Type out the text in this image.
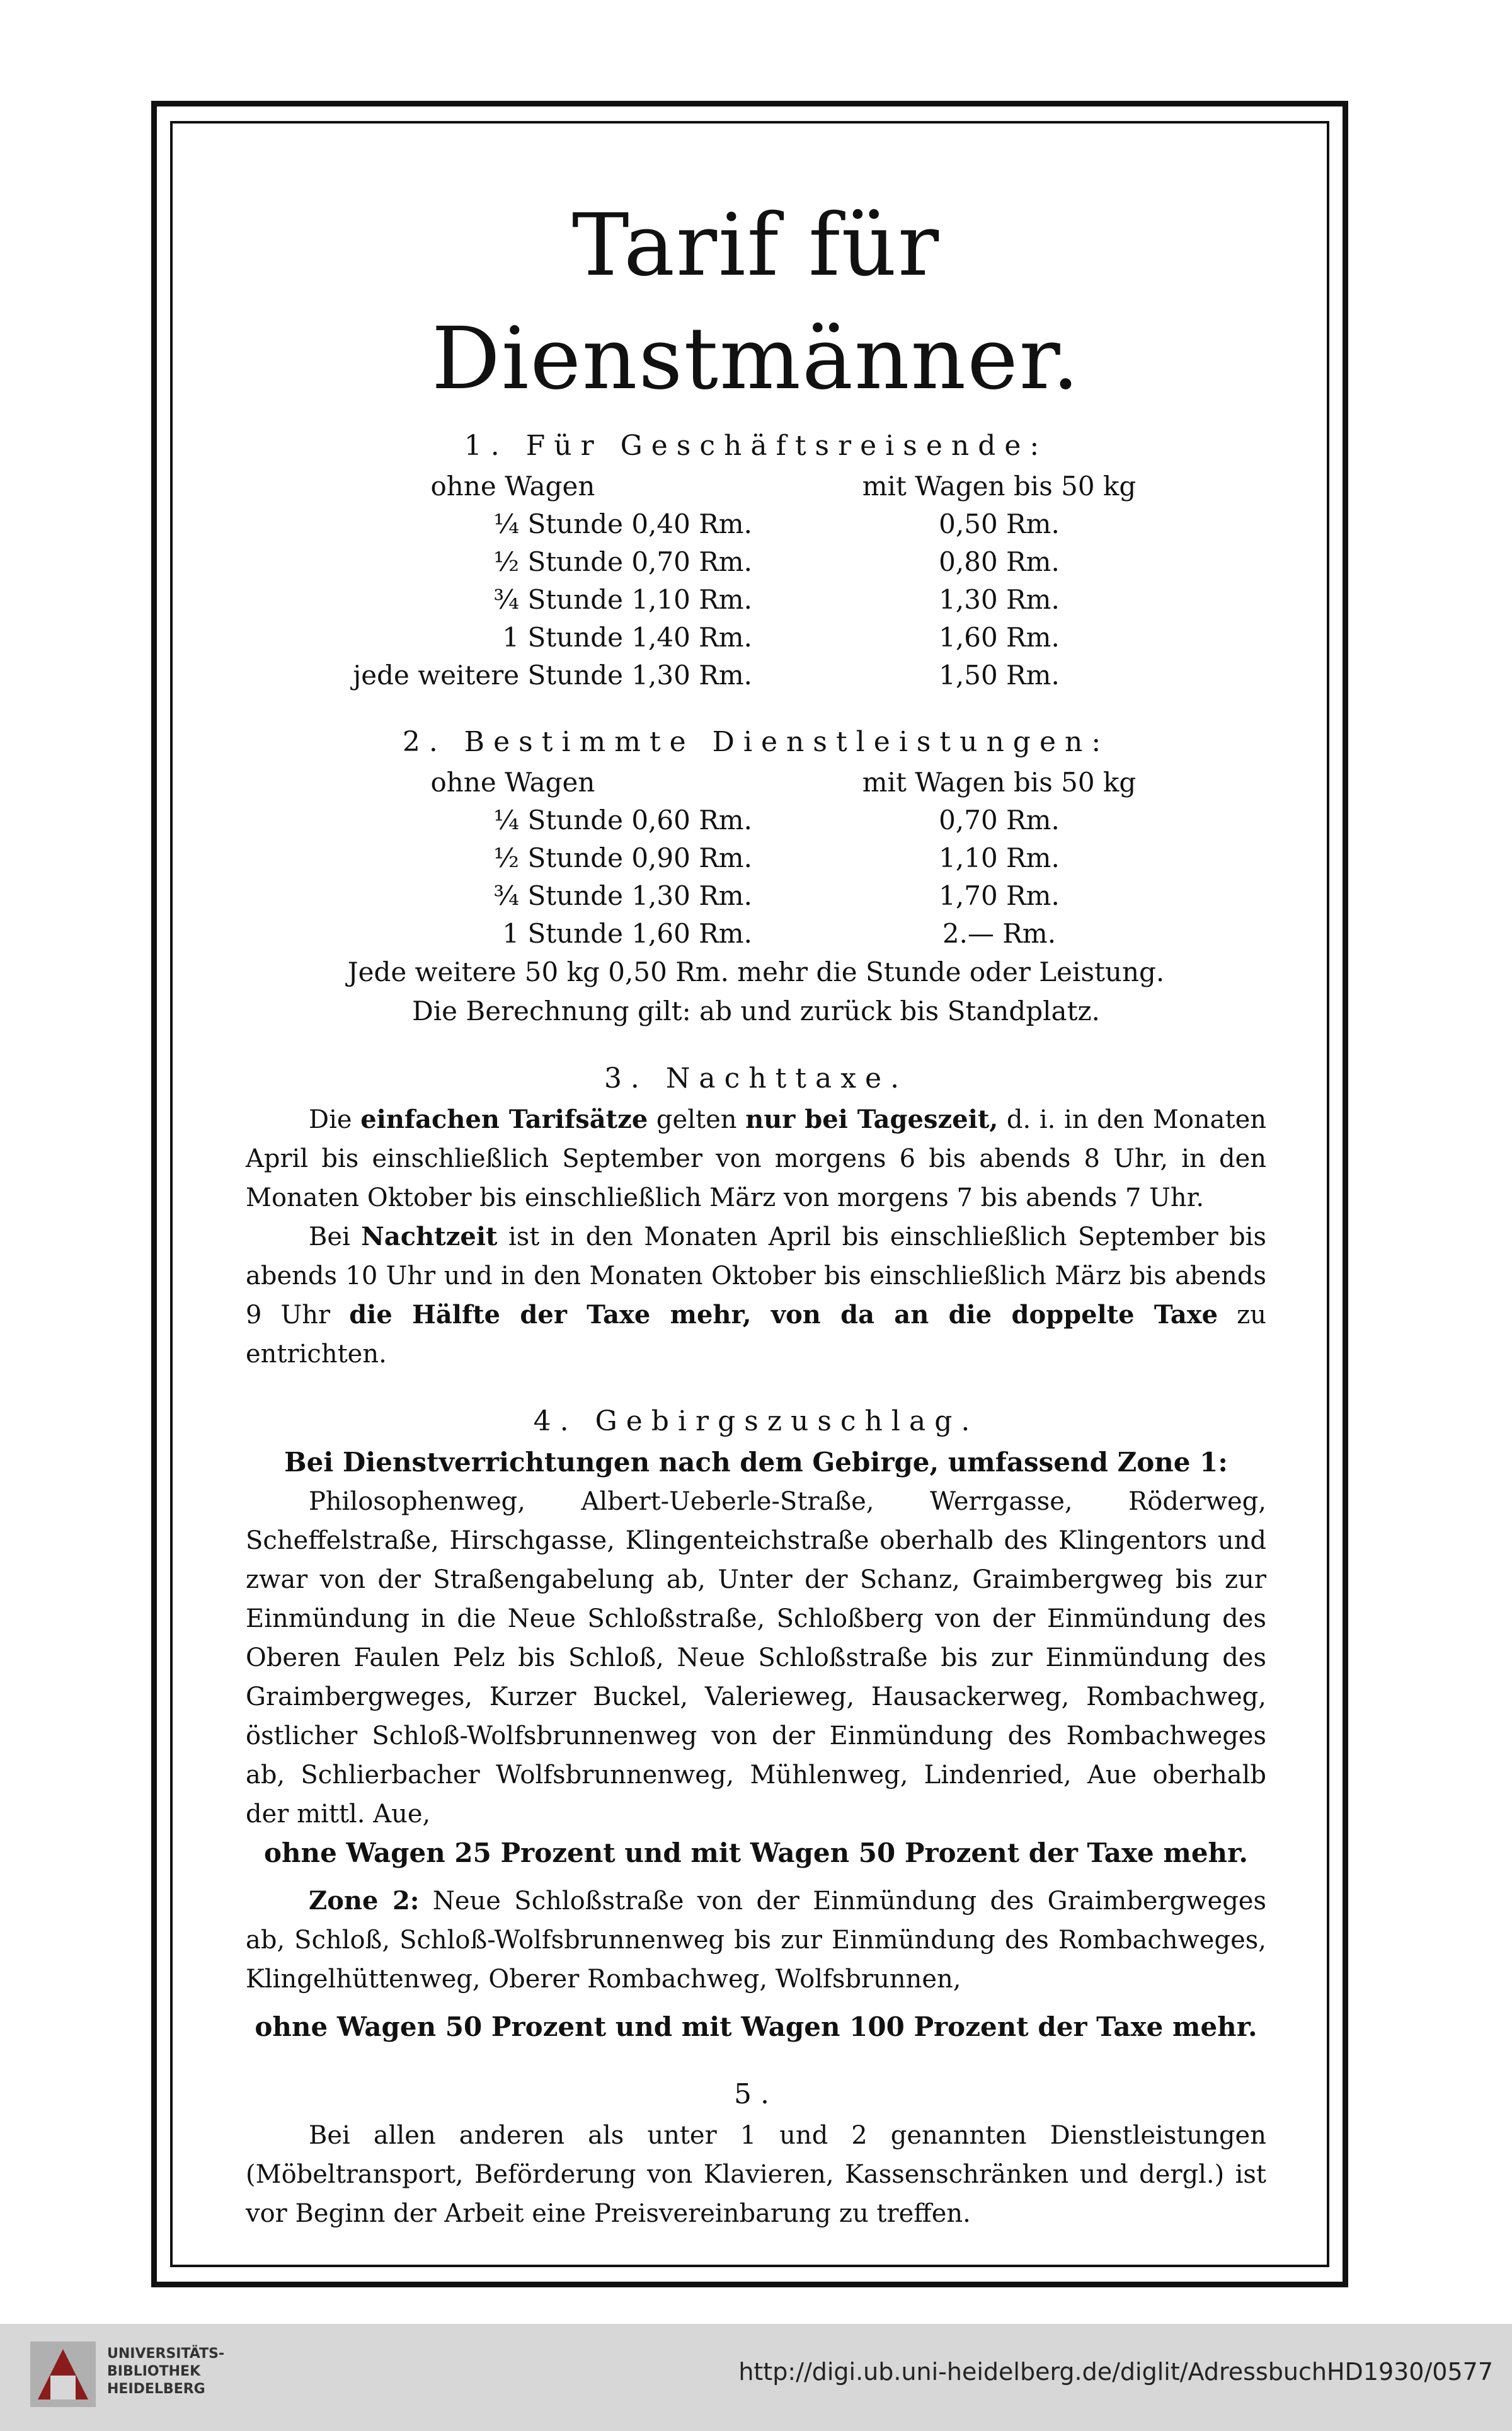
Tarif für Dienstmänner.
1. Für Geschäftsreisende:
ohne Wagen	mit Wagen bis 50 kg
¼ Stunde 0,40 Rm.	0,50 Rm.
½ Stunde 0,70 Rm.	0,80 Rm.
¾ Stunde 1,10 Rm.	1,30 Rm.
1 Stunde 1,40 Rm.	1,60 Rm.
jede weitere Stunde 1,30 Rm.	1,50 Rm.
2. Bestimmte Dienstleistungen:
ohne Wagen	mit Wagen bis 50 kg
¼ Stunde 0,60 Rm.	0,70 Rm.
½ Stunde 0,90 Rm.	1,10 Rm.
¾ Stunde 1,30 Rm.	1,70 Rm.
1 Stunde 1,60 Rm.	2.— Rm.

Jede weitere 50 kg 0,50 Rm. mehr die Stunde oder Leistung.

Die Berechnung gilt: ab und zurück bis Standplatz.

3. Nachttaxe.

Die einfachen Tarifsätze gelten nur bei Tageszeit, d. i. in den Monaten April bis einschließlich September von morgens 6 bis abends 8 Uhr, in den Monaten Oktober bis einschließlich März von morgens 7 bis abends 7 Uhr.

Bei Nachtzeit ist in den Monaten April bis einschließlich September bis abends 10 Uhr und in den Monaten Oktober bis einschließlich März bis abends 9 Uhr die Hälfte der Taxe mehr, von da an die doppelte Taxe zu entrichten.

4. Gebirgszuschlag.

Bei Dienstverrichtungen nach dem Gebirge, umfassend Zone 1:

Philosophenweg, Albert-Ueberle-Straße, Werrgasse, Röderweg, Scheffelstraße, Hirschgasse, Klingenteichstraße oberhalb des Klingentors und zwar von der Straßengabelung ab, Unter der Schanz, Graimbergweg bis zur Einmündung in die Neue Schloßstraße, Schloßberg von der Einmündung des Oberen Faulen Pelz bis Schloß, Neue Schloßstraße bis zur Einmündung des Graimbergweges, Kurzer Buckel, Valerieweg, Hausackerweg, Rombachweg, östlicher Schloß-Wolfsbrunnenweg von der Einmündung des Rombachweges ab, Schlierbacher Wolfsbrunnenweg, Mühlenweg, Lindenried, Aue oberhalb der mittl. Aue,

ohne Wagen 25 Prozent und mit Wagen 50 Prozent der Taxe mehr.

Zone 2: Neue Schloßstraße von der Einmündung des Graimbergweges ab, Schloß, Schloß-Wolfsbrunnenweg bis zur Einmündung des Rombachweges, Klingelhüttenweg, Oberer Rombachweg, Wolfsbrunnen,

ohne Wagen 50 Prozent und mit Wagen 100 Prozent der Taxe mehr.

5.

Bei allen anderen als unter 1 und 2 genannten Dienstleistungen (Möbeltransport, Beförderung von Klavieren, Kassenschränken und dergl.) ist vor Beginn der Arbeit eine Preisvereinbarung zu treffen.

UNIVERSITÄTS-
BIBLIOTHEK
HEIDELBERG
http://digi.ub.uni-heidelberg.de/diglit/AdressbuchHD1930/0577
